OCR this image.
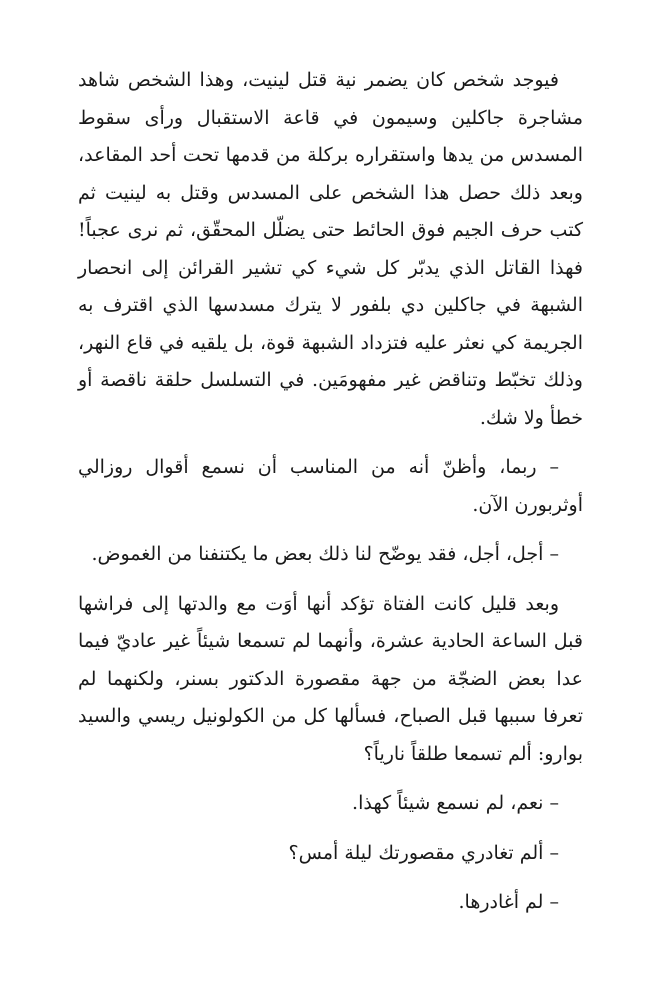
فيوجد شخص كان يضمر نية قتل لينيت، وهذا الشخص شاهد مشاجرة جاكلين وسيمون في قاعة الاستقبال ورأى سقوط المسدس من يدها واستقراره بركلة من قدمها تحت أحد المقاعد، وبعد ذلك حصل هذا الشخص على المسدس وقتل به لينيت ثم كتب حرف الجيم فوق الحائط حتى يضلّل المحقّق، ثم نرى عجباً! فهذا القاتل الذي يدبّر كل شيء كي تشير القرائن إلى انحصار الشبهة في جاكلين دي بلفور لا يترك مسدسها الذي اقترف به الجريمة كي نعثر عليه فتزداد الشبهة قوة، بل يلقيه في قاع النهر، وذلك تخبّط وتناقض غير مفهومَين. في التسلسل حلقة ناقصة أو خطأ ولا شك.

– ربما، وأظنّ أنه من المناسب أن نسمع أقوال روزالي أوثربورن الآن.

– أجل، أجل، فقد يوضّح لنا ذلك بعض ما يكتنفنا من الغموض.

وبعد قليل كانت الفتاة تؤكد أنها أوَت مع والدتها إلى فراشها قبل الساعة الحادية عشرة، وأنهما لم تسمعا شيئاً غير عاديّ فيما عدا بعض الضجّة من جهة مقصورة الدكتور بسنر، ولكنهما لم تعرفا سببها قبل الصباح، فسألها كل من الكولونيل ريسي والسيد بوارو: ألم تسمعا طلقاً نارياً؟

– نعم، لم نسمع شيئاً كهذا.

– ألم تغادري مقصورتك ليلة أمس؟

– لم أغادرها.
